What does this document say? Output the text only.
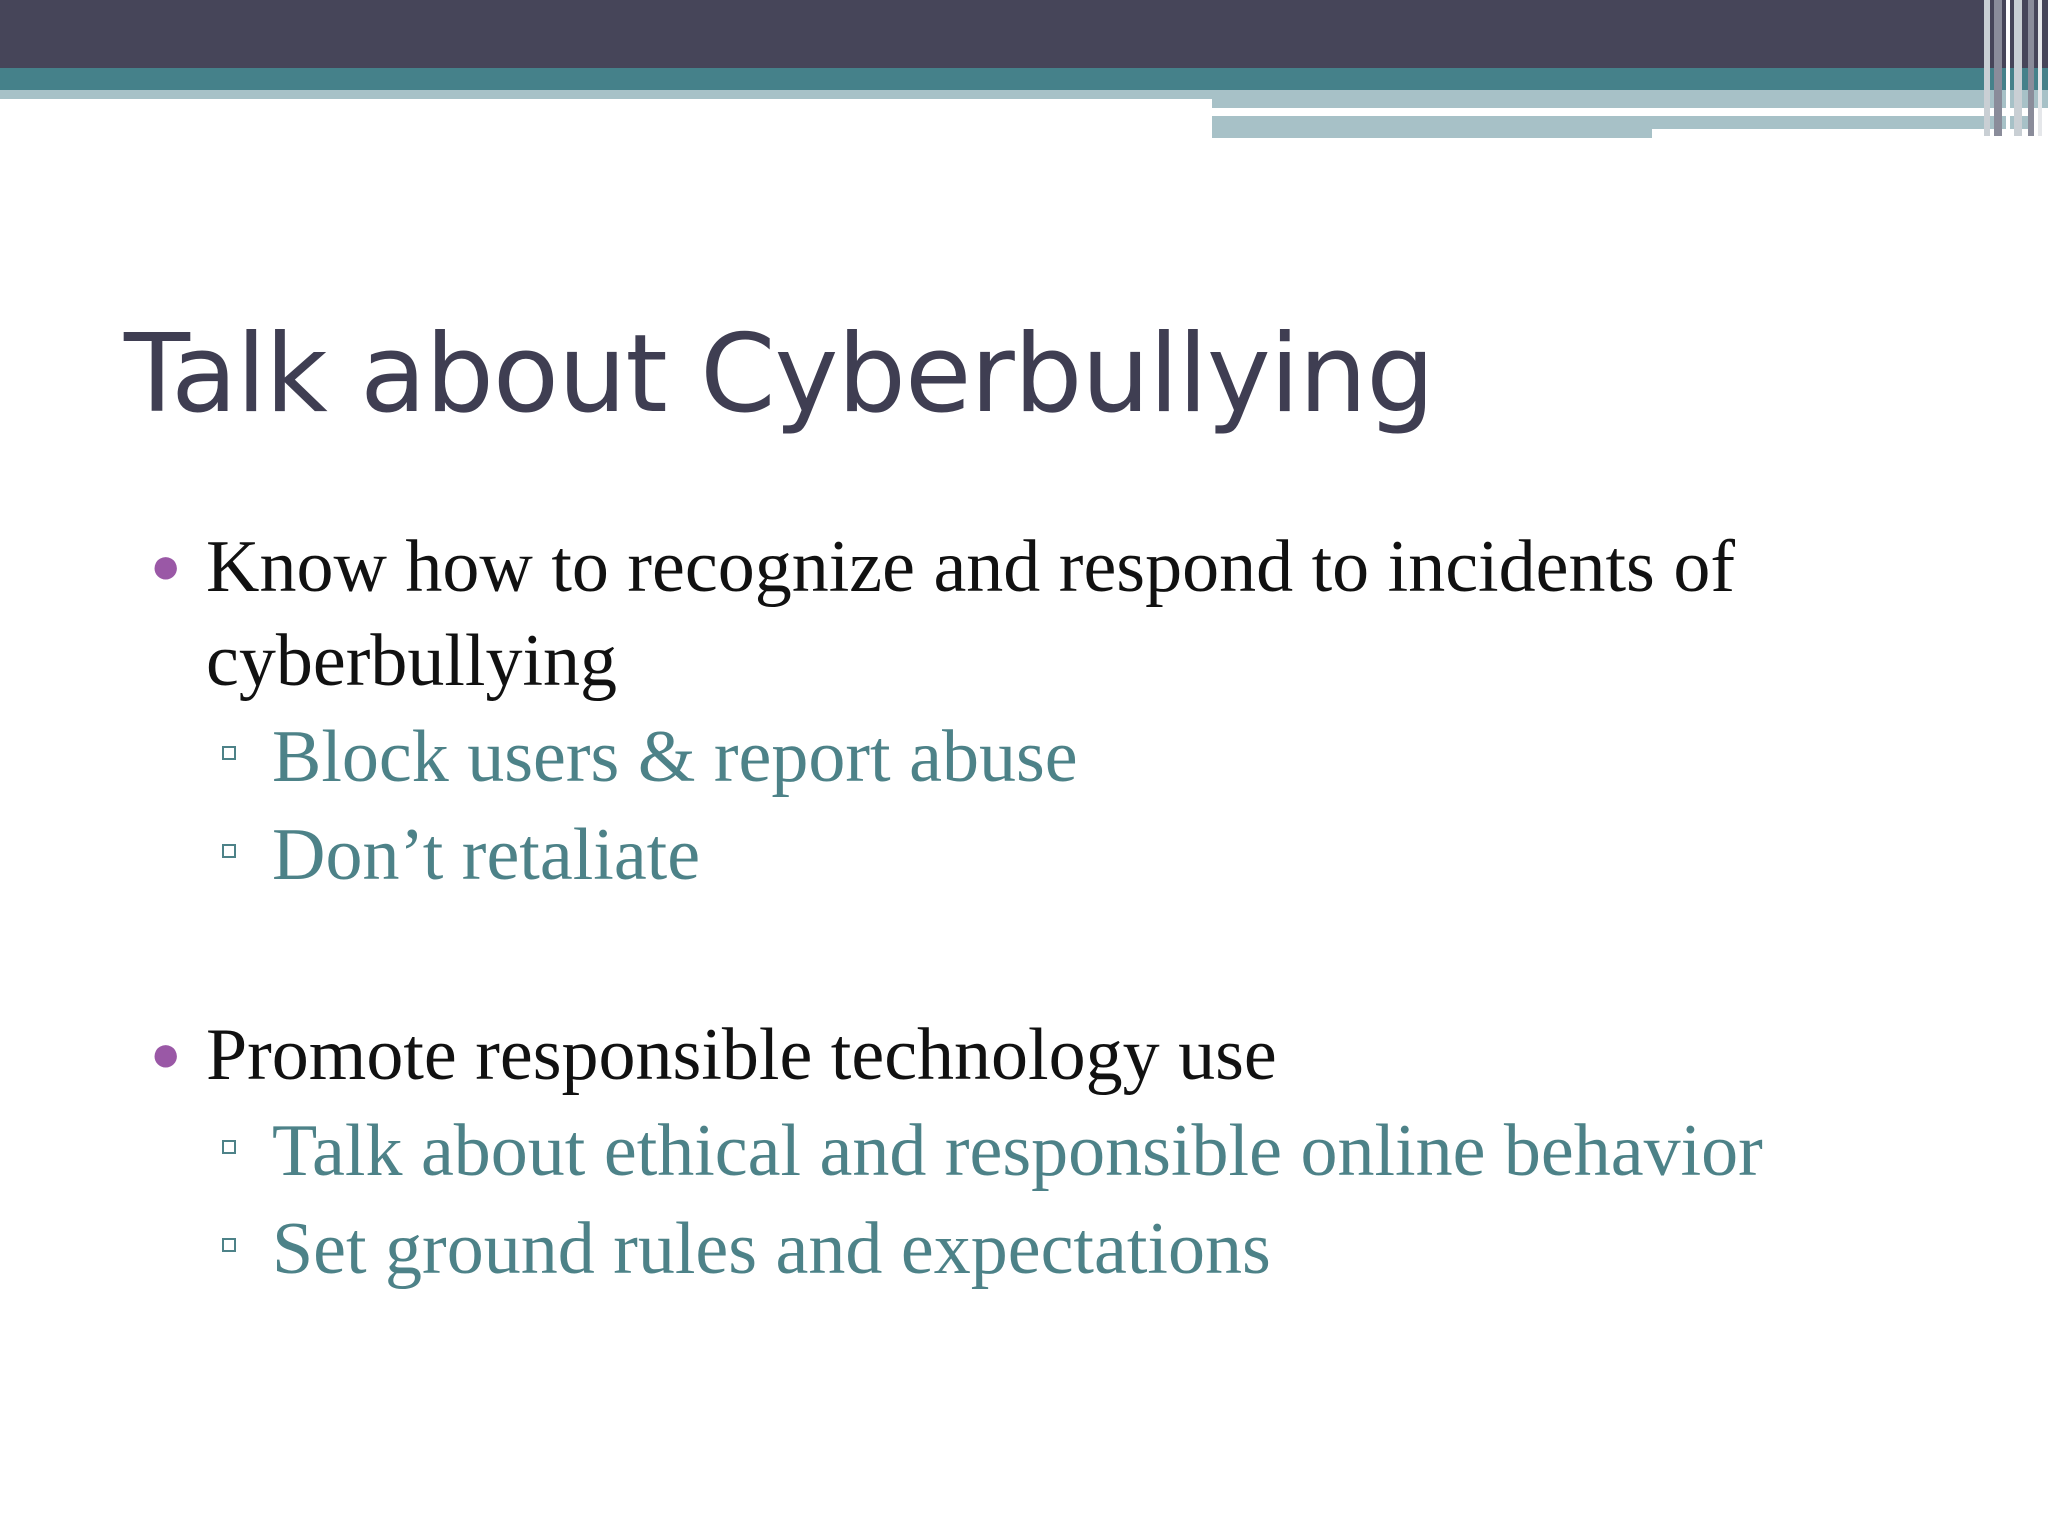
Talk about Cyberbullying
● Know how to recognize and respond to incidents of cyberbullying
Block users & report abuse
Don’t retaliate
● Promote responsible technology use
Talk about ethical and responsible online behavior
Set ground rules and expectations
